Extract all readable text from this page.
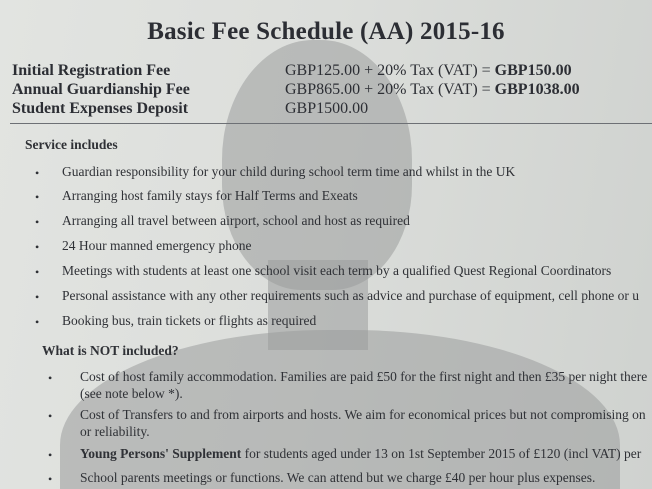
Basic Fee Schedule (AA) 2015-16
Initial Registration Fee	GBP125.00 + 20% Tax (VAT) = GBP150.00
Annual Guardianship Fee	GBP865.00 + 20% Tax (VAT) = GBP1038.00
Student Expenses Deposit	GBP1500.00
Service includes
• Guardian responsibility for your child during school term time and whilst in the UK
• Arranging host family stays for Half Terms and Exeats
• Arranging all travel between airport, school and host as required
• 24 Hour manned emergency phone
• Meetings with students at least one school visit each term by a qualified Quest Regional Coordinators
• Personal assistance with any other requirements such as advice and purchase of equipment, cell phone or u
• Booking bus, train tickets or flights as required
What is NOT included?
• Cost of host family accommodation. Families are paid £50 for the first night and then £35 per night there
(see note below *).
• Cost of Transfers to and from airports and hosts. We aim for economical prices but not compromising on
or reliability.
• Young Persons' Supplement for students aged under 13 on 1st September 2015 of £120 (incl VAT) per
• School parents meetings or functions. We can attend but we charge £40 per hour plus expenses.
